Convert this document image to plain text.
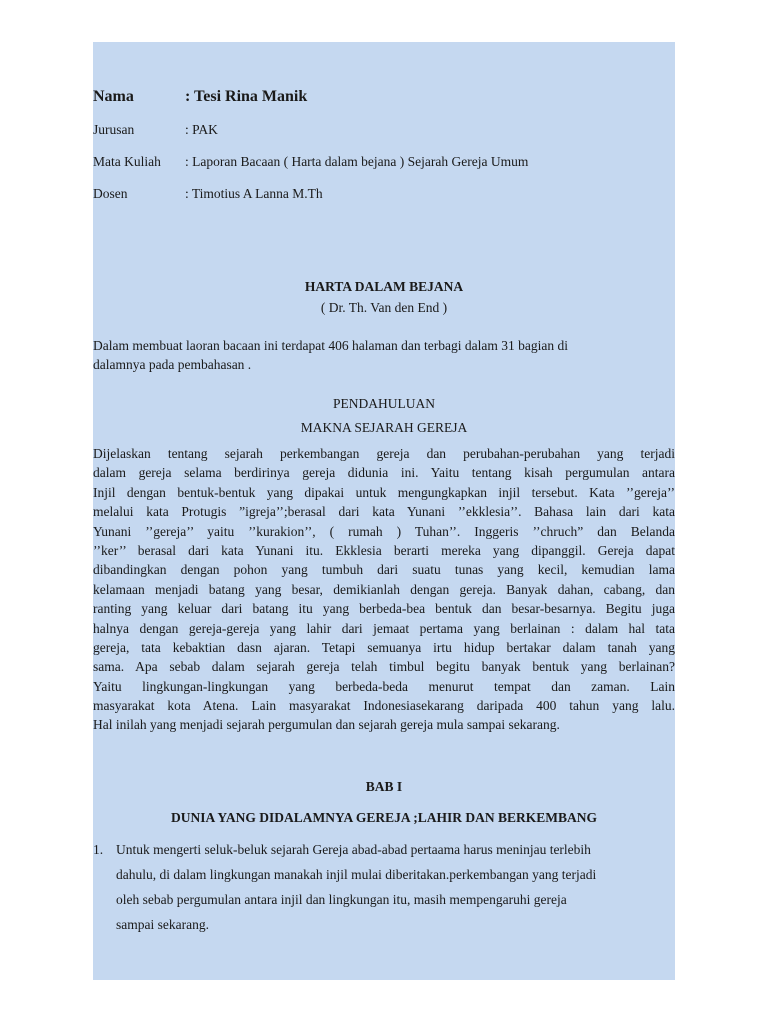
Nama	: Tesi Rina Manik
Jurusan	: PAK
Mata Kuliah : Laporan Bacaan ( Harta dalam bejana ) Sejarah Gereja Umum
Dosen	: Timotius A Lanna M.Th
HARTA DALAM BEJANA
( Dr. Th. Van den End )
Dalam membuat laoran bacaan ini terdapat 406 halaman dan terbagi dalam 31 bagian di
dalamnya pada pembahasan .
PENDAHULUAN
MAKNA SEJARAH GEREJA
Dijelaskan tentang sejarah perkembangan gereja dan perubahan-perubahan yang terjadi
dalam gereja selama berdirinya gereja didunia ini. Yaitu tentang kisah pergumulan antara
Injil dengan bentuk-bentuk yang dipakai untuk mengungkapkan injil tersebut. Kata ’’gereja’’
melalui kata Protugis ”igreja’’;berasal dari kata Yunani ’’ekklesia’’. Bahasa lain dari kata
Yunani ’’gereja’’ yaitu ’’kurakion’’, ( rumah ) Tuhan’’. Inggeris ’’chruch” dan Belanda
’’ker’’ berasal dari kata Yunani itu. Ekklesia berarti mereka yang dipanggil. Gereja dapat
dibandingkan dengan pohon yang tumbuh dari suatu tunas yang kecil, kemudian lama
kelamaan menjadi batang yang besar, demikianlah dengan gereja. Banyak dahan, cabang, dan
ranting yang keluar dari batang itu yang berbeda-bea bentuk dan besar-besarnya. Begitu juga
halnya dengan gereja-gereja yang lahir dari jemaat pertama yang berlainan : dalam hal tata
gereja, tata kebaktian dasn ajaran. Tetapi semuanya irtu hidup bertakar dalam tanah yang
sama. Apa sebab dalam sejarah gereja telah timbul begitu banyak bentuk yang berlainan?
Yaitu lingkungan-lingkungan yang berbeda-beda menurut tempat dan zaman. Lain
masyarakat kota Atena. Lain masyarakat Indonesiasekarang daripada 400 tahun yang lalu.
Hal inilah yang menjadi sejarah pergumulan dan sejarah gereja mula sampai sekarang.
BAB I
DUNIA YANG DIDALAMNYA GEREJA ;LAHIR DAN BERKEMBANG
1. Untuk mengerti seluk-beluk sejarah Gereja abad-abad pertaama harus meninjau terlebih
dahulu, di dalam lingkungan manakah injil mulai diberitakan.perkembangan yang terjadi
oleh sebab pergumulan antara injil dan lingkungan itu, masih mempengaruhi gereja
sampai sekarang.
